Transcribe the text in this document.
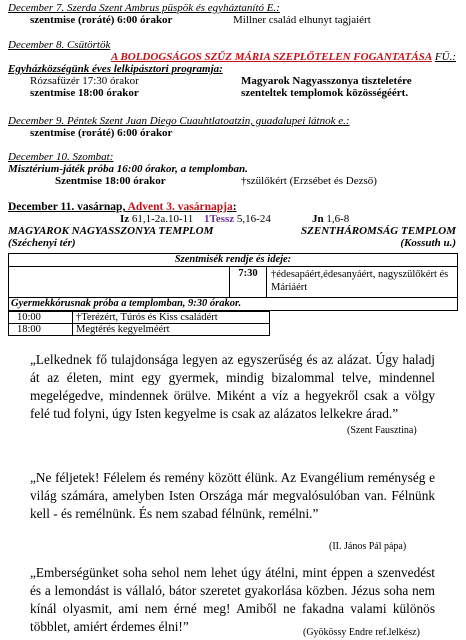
December 7. Szerda Szent Ambrus püspök és egyháztanító E.:
szentmise (roráté) 6:00 órakor	Millner család elhunyt tagjaiért
December 8. Csütörtök
A BOLDOGSÁGOS SZŰZ MÁRIA SZEPLŐTELEN FOGANTATÁSA FÜ.:
Egyházközségünk éves lelkipásztori programja:
Rózsafüzér 17:30 órakor	Magyarok Nagyasszonya tiszteletére
szentmise 18:00 órakor	szenteltek templomok közösségéért.
December 9. Péntek Szent Juan Diego Cuauhtlatoatzin, guadalupei látnok e.:
szentmise (roráté) 6:00 órakor
December 10. Szombat:
Misztérium-játék próba 16:00 órakor, a templomban.
Szentmise 18:00 órakor	†szülőkért (Erzsébet és Dezső)
December 11. vasárnap, Advent 3. vasárnapja:
Iz 61,1-2a.10-11 1Tessz 5,16-24	Jn 1,6-8
MAGYAROK NAGYASSZONYA TEMPLOM	SZENTHÁROMSÁG TEMPLOM
(Széchenyi tér)	(Kossuth u.)
Szentmisék rendje és ideje:
7:30	†édesapáért,édesanyáért, nagyszülőkért és Máriáért
Gyermekkórusnak próba a templomban, 9:30 órakor.
10:00	†Terézért, Túrós és Kiss családért
18:00	Megtérés kegyelméért
„Lelkednek fő tulajdonsága legyen az egyszerűség és az alázat. Úgy haladj át az életen, mint egy gyermek, mindig bizalommal telve, mindennel megelégedve, mindennek örülve. Miként a víz a hegyekről csak a völgy felé tud folyni, úgy Isten kegyelme is csak az alázatos lelkekre árad.”
(Szent Fausztina)
„Ne féljetek! Félelem és remény között élünk. Az Evangélium reménység e világ számára, amelyben Isten Országa már megvalósulóban van. Félnünk kell - és remélnünk. És nem szabad félnünk, remélni.”
(II. János Pál pápa)
„Emberségünket soha sehol nem lehet úgy átélni, mint éppen a szenvedést és a lemondást is vállaló, bátor szeretet gyakorlása közben. Jézus soha nem kínál olyasmit, ami nem érné meg! Amiből ne fakadna valami különös többlet, amiért érdemes élni!”	(Gyökössy Endre ref.lelkész)
